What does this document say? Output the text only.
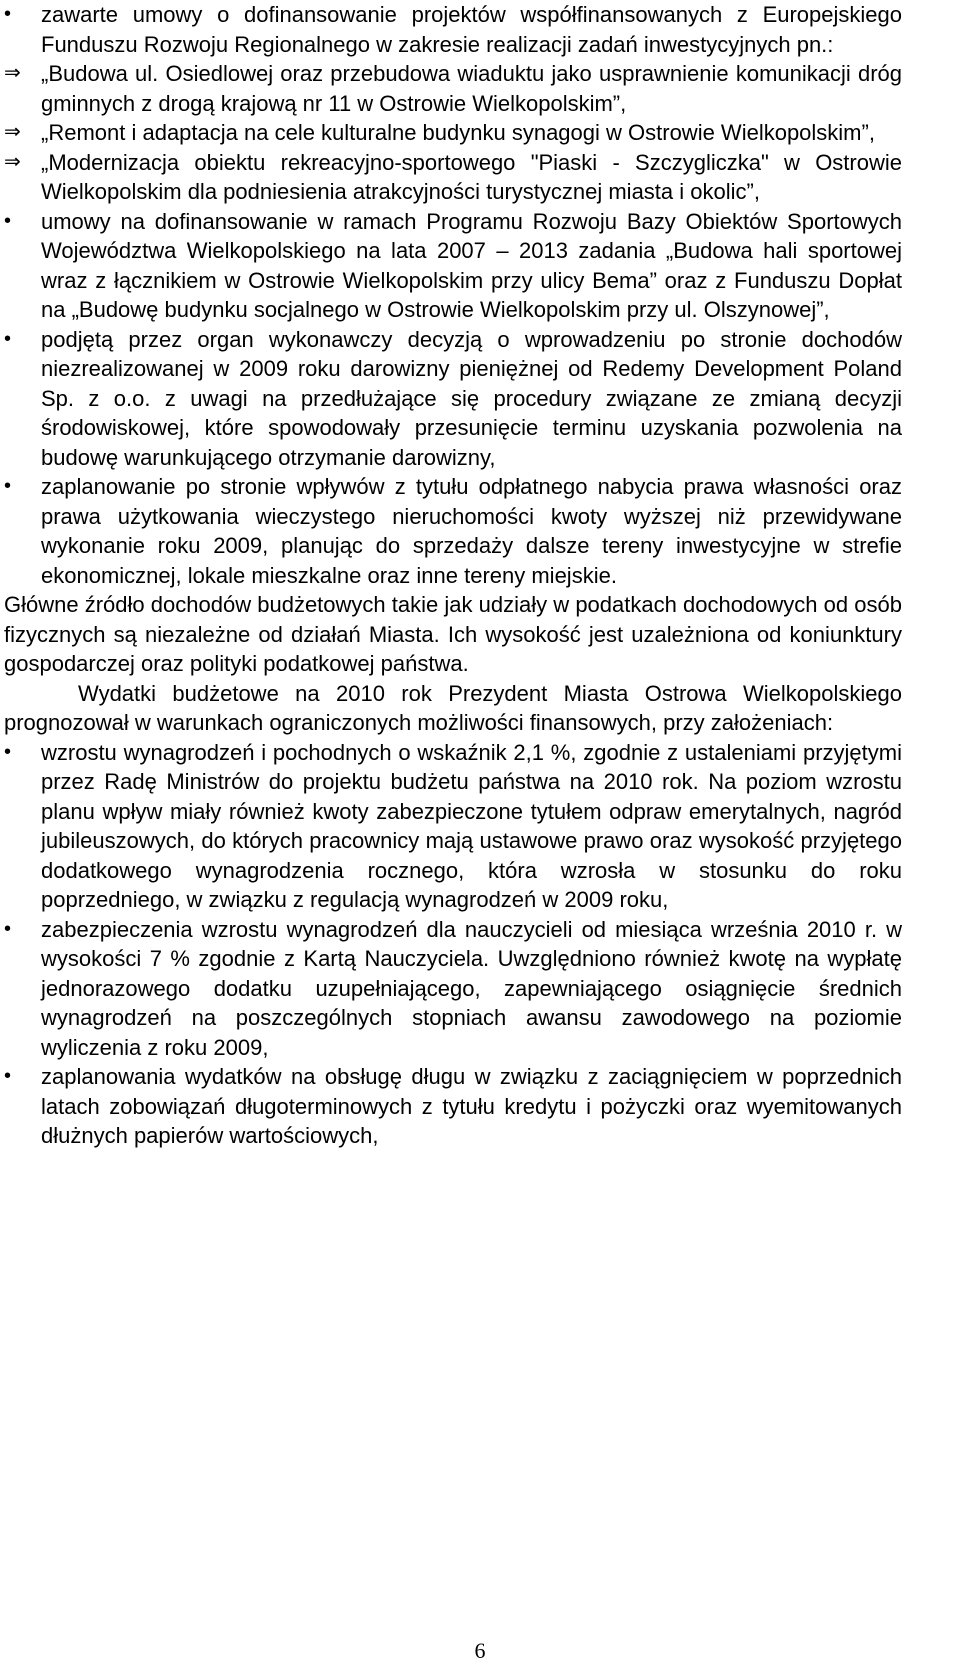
•	zawarte umowy o dofinansowanie projektów współfinansowanych z Europejskiego Funduszu Rozwoju Regionalnego w zakresie realizacji zadań inwestycyjnych pn.:
⇒ „Budowa ul. Osiedlowej oraz przebudowa wiaduktu jako usprawnienie komunikacji dróg gminnych z drogą krajową nr 11 w Ostrowie Wielkopolskim”,
⇒ „Remont i adaptacja na cele kulturalne budynku synagogi w Ostrowie Wielkopolskim”,
⇒ „Modernizacja obiektu rekreacyjno-sportowego "Piaski - Szczygliczka" w Ostrowie Wielkopolskim dla podniesienia atrakcyjności turystycznej miasta i okolic”,
•	umowy na dofinansowanie w ramach Programu Rozwoju Bazy Obiektów Sportowych Województwa Wielkopolskiego na lata 2007 – 2013 zadania „Budowa hali sportowej wraz z łącznikiem w Ostrowie Wielkopolskim przy ulicy Bema” oraz z Funduszu Dopłat na „Budowę budynku socjalnego w Ostrowie Wielkopolskim przy ul. Olszynowej”,
•	podjętą przez organ wykonawczy decyzją o wprowadzeniu po stronie dochodów niezrealizowanej w 2009 roku darowizny pieniężnej od Redemy Development Poland Sp. z o.o. z uwagi na przedłużające się procedury związane ze zmianą decyzji środowiskowej, które spowodowały przesunięcie terminu uzyskania pozwolenia na budowę warunkującego otrzymanie darowizny,
•	zaplanowanie po stronie wpływów z tytułu odpłatnego nabycia prawa własności oraz prawa użytkowania wieczystego nieruchomości kwoty wyższej niż przewidywane wykonanie roku 2009, planując do sprzedaży dalsze tereny inwestycyjne w strefie ekonomicznej, lokale mieszkalne oraz inne tereny miejskie.

Główne źródło dochodów budżetowych takie jak udziały w podatkach dochodowych od osób fizycznych są niezależne od działań Miasta. Ich wysokość jest uzależniona od koniunktury gospodarczej oraz polityki podatkowej państwa.

Wydatki budżetowe na 2010 rok Prezydent Miasta Ostrowa Wielkopolskiego prognozował w warunkach ograniczonych możliwości finansowych, przy założeniach:

•	wzrostu wynagrodzeń i pochodnych o wskaźnik 2,1 %, zgodnie z ustaleniami przyjętymi przez Radę Ministrów do projektu budżetu państwa na 2010 rok. Na poziom wzrostu planu wpływ miały również kwoty zabezpieczone tytułem odpraw emerytalnych, nagród jubileuszowych, do których pracownicy mają ustawowe prawo oraz wysokość przyjętego dodatkowego wynagrodzenia rocznego, która wzrosła w stosunku do roku poprzedniego, w związku z regulacją wynagrodzeń w 2009 roku,
•	zabezpieczenia wzrostu wynagrodzeń dla nauczycieli od miesiąca września 2010 r. w wysokości 7 % zgodnie z Kartą Nauczyciela. Uwzględniono również kwotę na wypłatę jednorazowego dodatku uzupełniającego, zapewniającego osiągnięcie średnich wynagrodzeń na poszczególnych stopniach awansu zawodowego na poziomie wyliczenia z roku 2009,
•	zaplanowania wydatków na obsługę długu w związku z zaciągnięciem w poprzednich latach zobowiązań długoterminowych z tytułu kredytu i pożyczki oraz wyemitowanych dłużnych papierów wartościowych,
6
